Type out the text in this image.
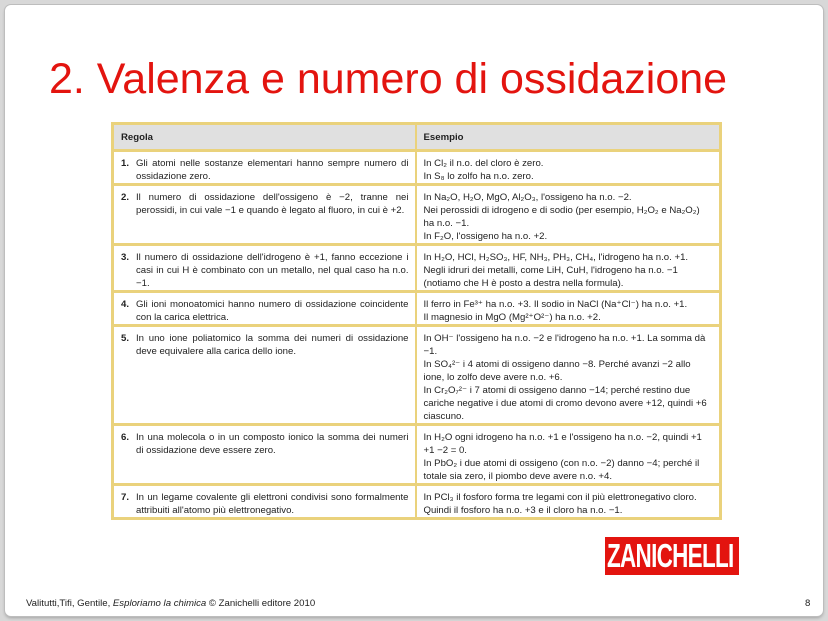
2. Valenza e numero di ossidazione
Regola	Esempio

1. Gli atomi nelle sostanze elementari hanno sempre numero di ossidazione zero.	In Cl₂ il n.o. del cloro è zero.
In S₈ lo zolfo ha n.o. zero.

2. Il numero di ossidazione dell'ossigeno è −2, tranne nei perossidi, in cui vale −1 e quando è legato al fluoro, in cui è +2.	In Na₂O, H₂O, MgO, Al₂O₃, l'ossigeno ha n.o. −2.
Nei perossidi di idrogeno e di sodio (per esempio, H₂O₂ e Na₂O₂) ha n.o. −1.
In F₂O, l'ossigeno ha n.o. +2.

3. Il numero di ossidazione dell'idrogeno è +1, fanno eccezione i casi in cui H è combinato con un metallo, nel qual caso ha n.o. −1.	In H₂O, HCl, H₂SO₃, HF, NH₃, PH₃, CH₄, l'idrogeno ha n.o. +1.
Negli idruri dei metalli, come LiH, CuH, l'idrogeno ha n.o. −1 (notiamo che H è posto a destra nella formula).

4. Gli ioni monoatomici hanno numero di ossidazione coincidente con la carica elettrica.	Il ferro in Fe³⁺ ha n.o. +3. Il sodio in NaCl (Na⁺Cl⁻) ha n.o. +1.
Il magnesio in MgO (Mg²⁺O²⁻) ha n.o. +2.

5. In uno ione poliatomico la somma dei numeri di ossidazione deve equivalere alla carica dello ione.	In OH⁻ l'ossigeno ha n.o. −2 e l'idrogeno ha n.o. +1. La somma dà −1.
In SO₄²⁻ i 4 atomi di ossigeno danno −8. Perché avanzi −2 allo ione, lo zolfo deve avere n.o. +6.
In Cr₂O₇²⁻ i 7 atomi di ossigeno danno −14; perché restino due cariche negative i due atomi di cromo devono avere +12, quindi +6 ciascuno.

6. In una molecola o in un composto ionico la somma dei numeri di ossidazione deve essere zero.	In H₂O ogni idrogeno ha n.o. +1 e l'ossigeno ha n.o. −2, quindi +1 +1 −2 = 0.
In PbO₂ i due atomi di ossigeno (con n.o. −2) danno −4; perché il totale sia zero, il piombo deve avere n.o. +4.

7. In un legame covalente gli elettroni condivisi sono formalmente attribuiti all'atomo più elettronegativo.	In PCl₃ il fosforo forma tre legami con il più elettronegativo cloro. Quindi il fosforo ha n.o. +3 e il cloro ha n.o. −1.
ZANICHELLI
Valitutti,Tifi, Gentile, Esploriamo la chimica © Zanichelli editore 2010	8
